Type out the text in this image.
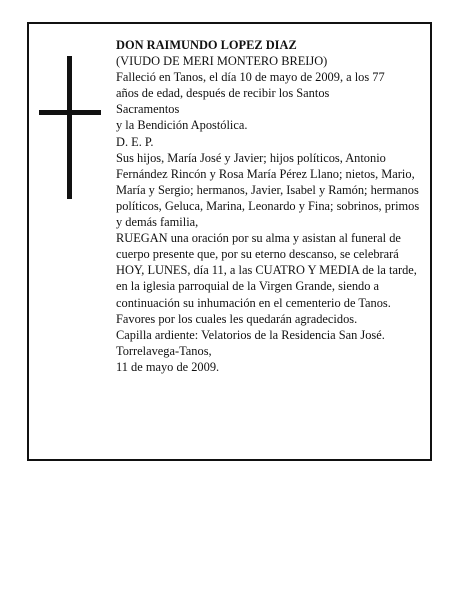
DON RAIMUNDO LOPEZ DIAZ

(VIUDO DE MERI MONTERO BREIJO)

Falleció en Tanos, el día 10 de mayo de 2009, a los 77

años de edad, después de recibir los Santos

Sacramentos

y la Bendición Apostólica.

D. E. P.

Sus hijos, María José y Javier; hijos políticos, Antonio Fernández Rincón y Rosa María Pérez Llano; nietos, Mario, María y Sergio; hermanos, Javier, Isabel y Ramón; hermanos políticos, Geluca, Marina, Leonardo y Fina; sobrinos, primos y demás familia,

RUEGAN una oración por su alma y asistan al funeral de cuerpo presente que, por su eterno descanso, se celebrará HOY, LUNES, día 11, a las CUATRO Y MEDIA de la tarde, en la iglesia parroquial de la Virgen Grande, siendo a continuación su inhumación en el cementerio de Tanos. Favores por los cuales les quedarán agradecidos.

Capilla ardiente: Velatorios de la Residencia San José.

Torrelavega-Tanos,

11 de mayo de 2009.
